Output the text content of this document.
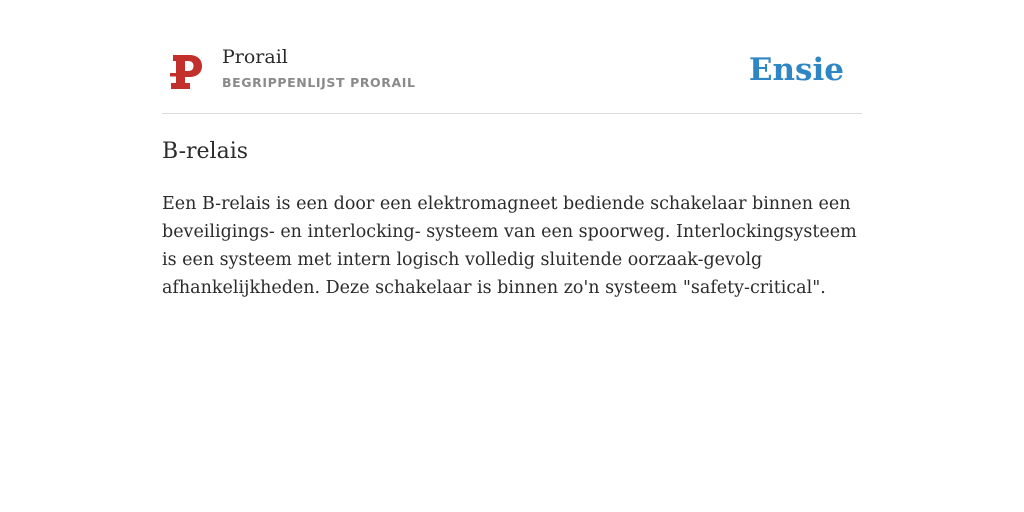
Prorail
BEGRIPPENLIJST PRORAIL	Ensie
B-relais

Een B-relais is een door een elektromagneet bediende schakelaar binnen een beveiligings- en interlocking- systeem van een spoorweg. Interlockingsysteem is een systeem met intern logisch volledig sluitende oorzaak-gevolg afhankelijkheden. Deze schakelaar is binnen zo'n systeem "safety-critical".
